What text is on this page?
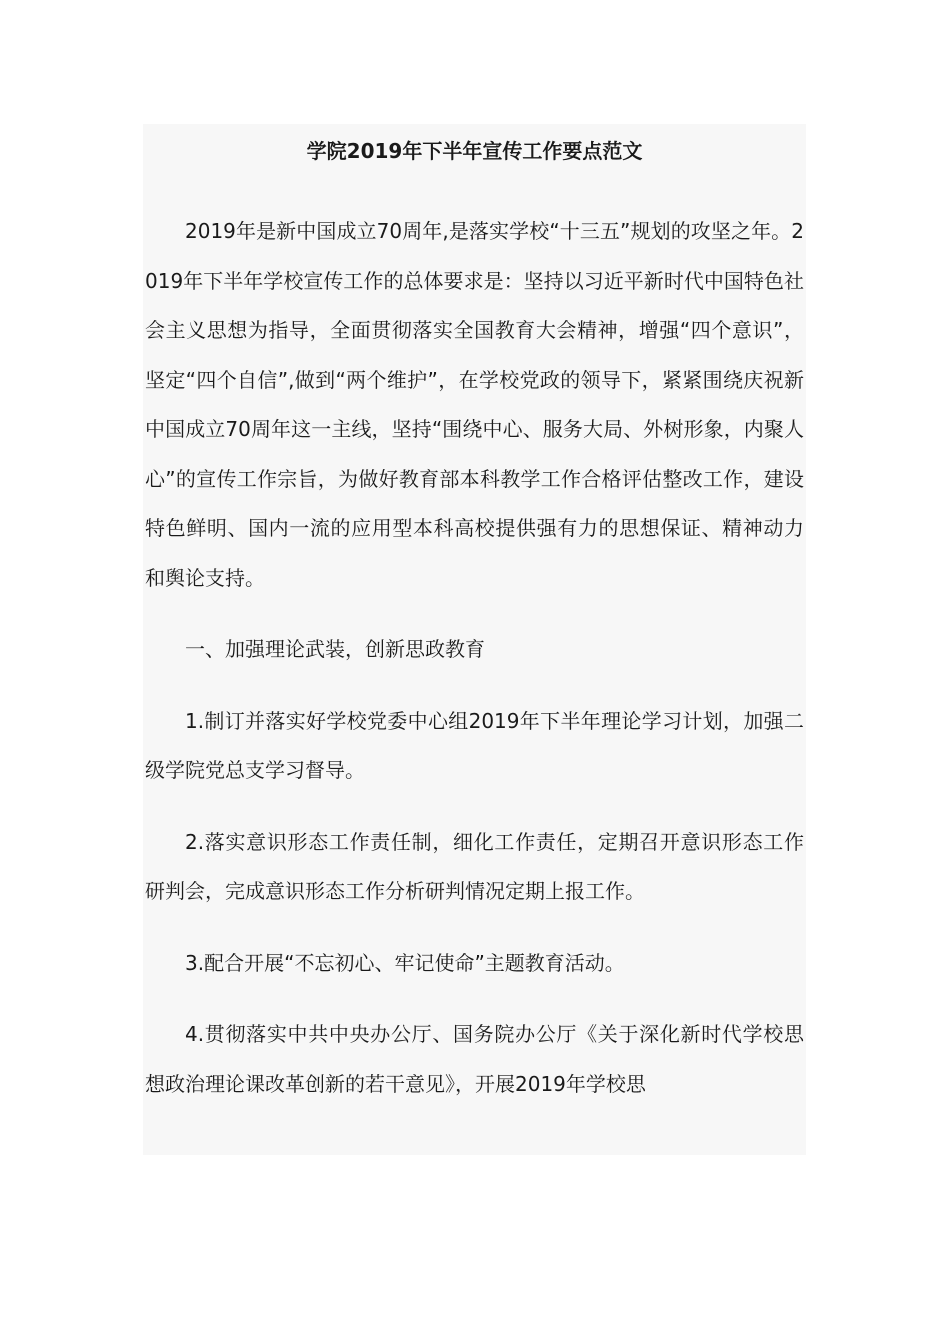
学院2019年下半年宣传工作要点范文

2019年是新中国成立70周年,是落实学校“十三五”规划的攻坚之年。2019年下半年学校宣传工作的总体要求是：坚持以习近平新时代中国特色社会主义思想为指导，全面贯彻落实全国教育大会精神，增强“四个意识”，坚定“四个自信”,做到“两个维护”，在学校党政的领导下，紧紧围绕庆祝新中国成立70周年这一主线，坚持“围绕中心、服务大局、外树形象，内聚人心”的宣传工作宗旨，为做好教育部本科教学工作合格评估整改工作，建设特色鲜明、国内一流的应用型本科高校提供强有力的思想保证、精神动力和舆论支持。

一、加强理论武装，创新思政教育

1.制订并落实好学校党委中心组2019年下半年理论学习计划，加强二级学院党总支学习督导。

2.落实意识形态工作责任制，细化工作责任，定期召开意识形态工作研判会，完成意识形态工作分析研判情况定期上报工作。

3.配合开展“不忘初心、牢记使命”主题教育活动。

4.贯彻落实中共中央办公厅、国务院办公厅《关于深化新时代学校思想政治理论课改革创新的若干意见》，开展2019年学校思
